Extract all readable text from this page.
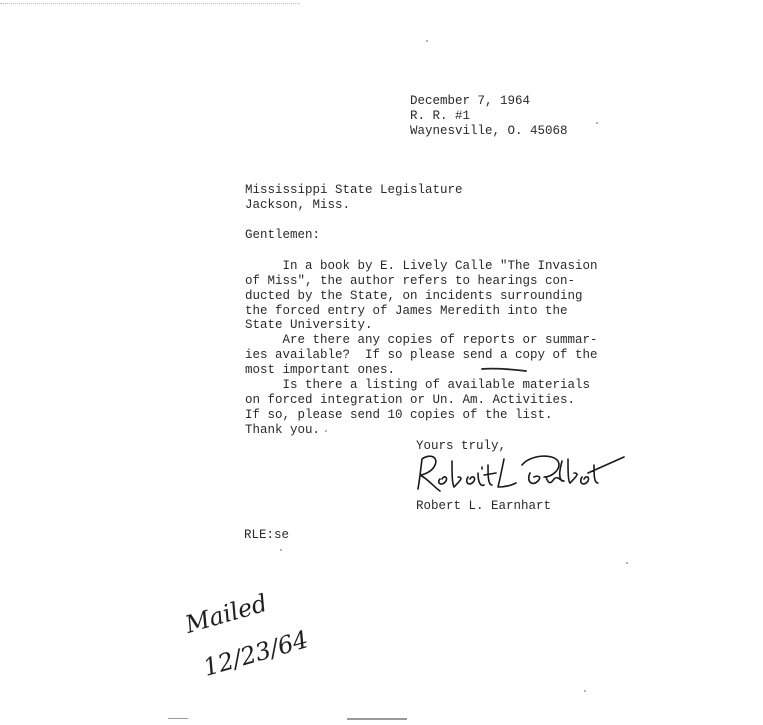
December 7, 1964
R. R. #1
Waynesville, O. 45068
Mississippi State Legislature
Jackson, Miss.
Gentlemen:
In a book by E. Lively Calle "The Invasion
of Miss", the author refers to hearings con-
ducted by the State, on incidents surrounding
the forced entry of James Meredith into the
State University.
Are there any copies of reports or summar-
ies available?  If so please send a copy of the
most important ones.
Is there a listing of available materials
on forced integration or Un. Am. Activities.
If so, please send 10 copies of the list.
Thank you.
Yours truly,
Robert L. Earnhart
RLE:se
Mailed
12/23/64
